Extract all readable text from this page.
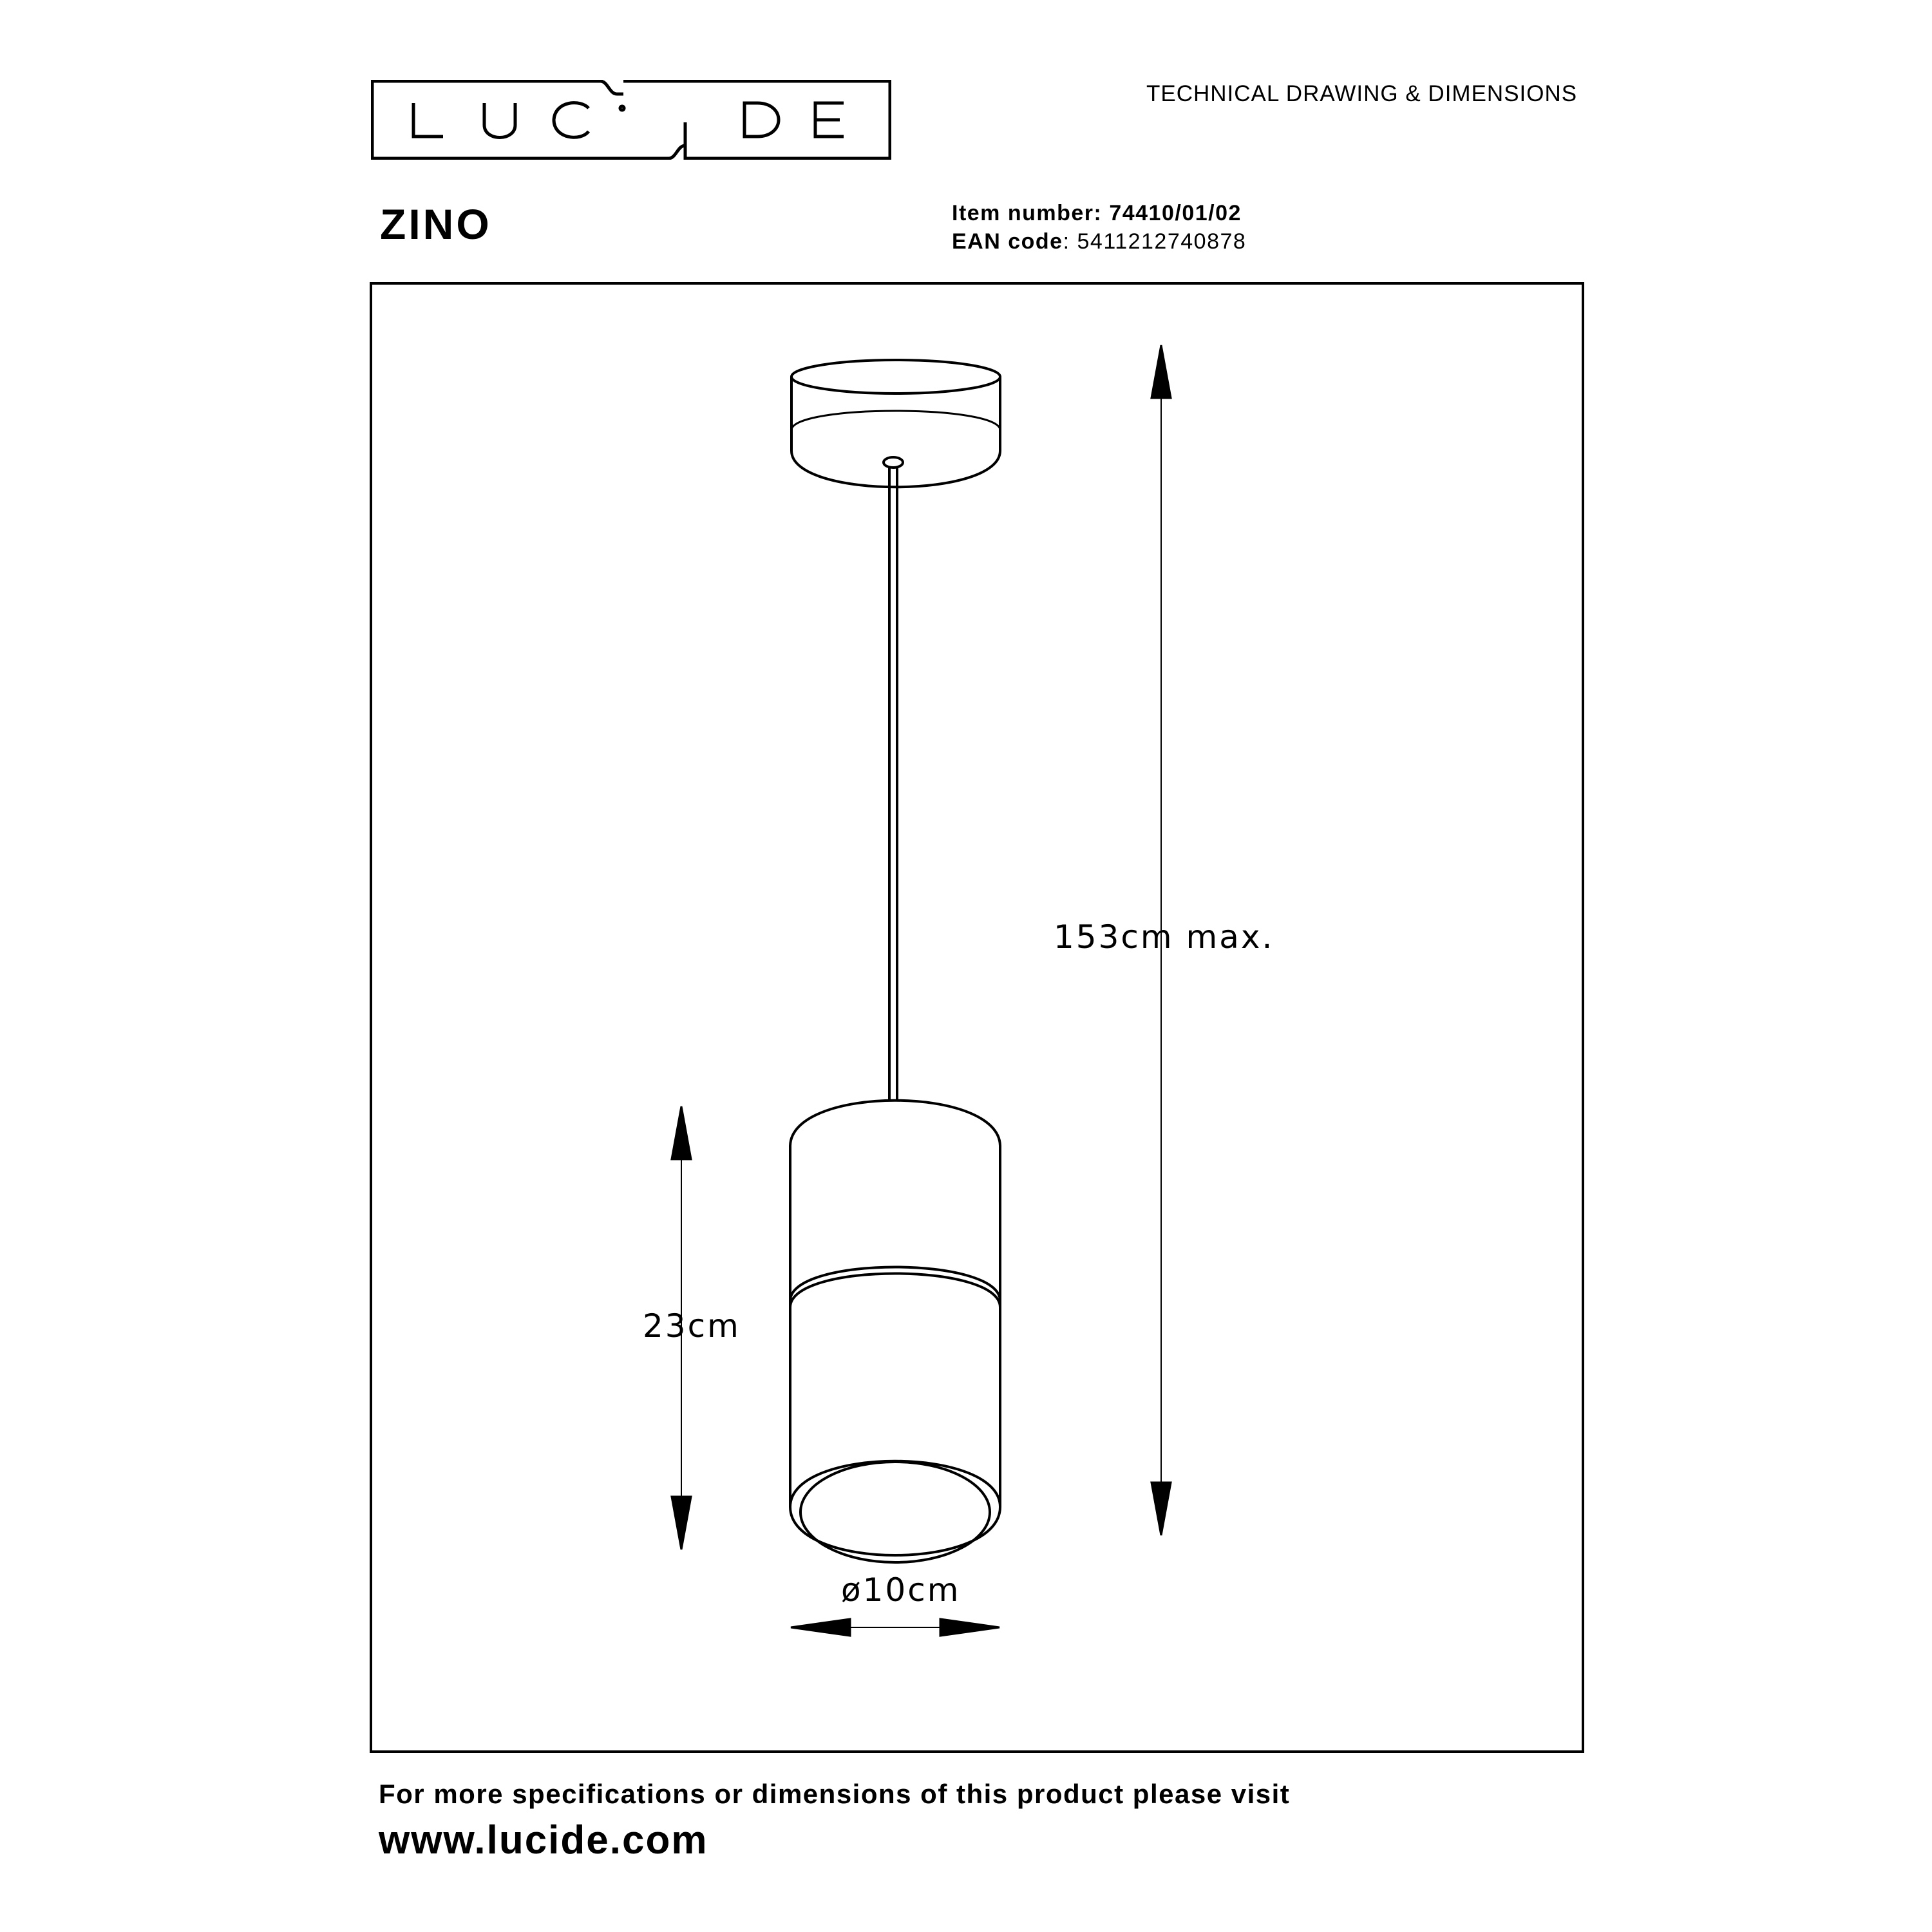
TECHNICAL DRAWING & DIMENSIONS
ZINO	Item number: 74410/01/02
EAN code: 5411212740878
153cm max.
23cm
ø10cm
For more specifications or dimensions of this product please visit
www.lucide.com
